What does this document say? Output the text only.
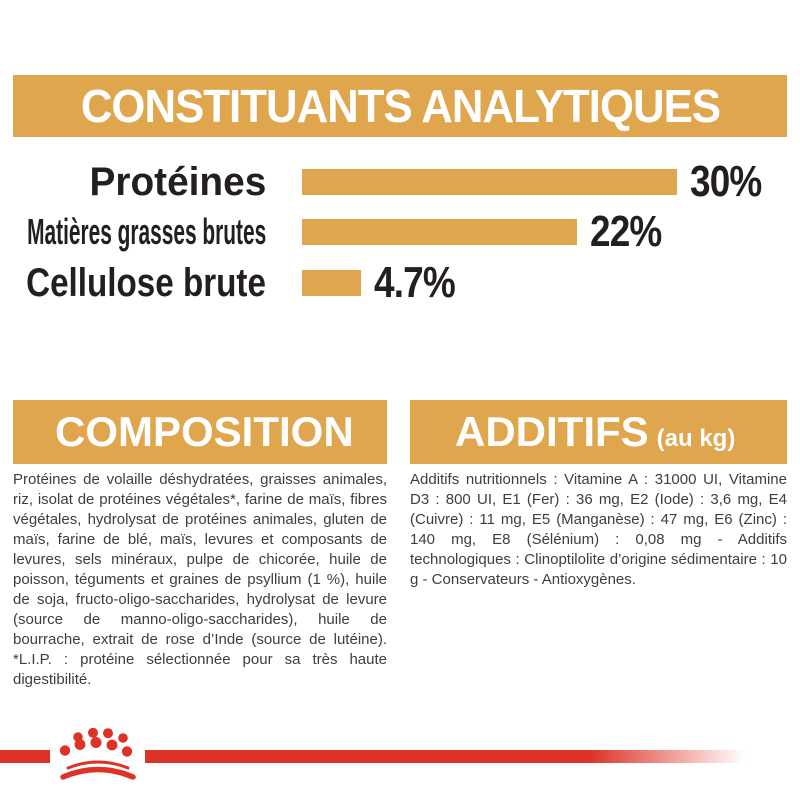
CONSTITUANTS ANALYTIQUES
Protéines	30%
Matières grasses brutes	22%
Cellulose brute 4.7%
COMPOSITION
Protéines de volaille déshydratées, graisses animales, riz, isolat de protéines végétales*, farine de maïs, fibres végétales, hydrolysat de protéines animales, gluten de maïs, farine de blé, maïs, levures et composants de levures, sels minéraux, pulpe de chicorée, huile de poisson, téguments et graines de psyllium (1 %), huile de soja, fructo-oligo-saccharides, hydrolysat de levure (source de manno-oligo-saccharides), huile de bourrache, extrait de rose d’Inde (source de lutéine). *L.I.P. : protéine sélectionnée pour sa très haute digestibilité.
ADDITIFS (au kg)
Additifs nutritionnels : Vitamine A : 31000 UI, Vitamine D3 : 800 UI, E1 (Fer) : 36 mg, E2 (Iode) : 3,6 mg, E4 (Cuivre) : 11 mg, E5 (Manganèse) : 47 mg, E6 (Zinc) : 140 mg, E8 (Sélénium) : 0,08 mg - Additifs technologiques : Clinoptilolite d’origine sédimentaire : 10 g - Conservateurs - Antioxygènes.
